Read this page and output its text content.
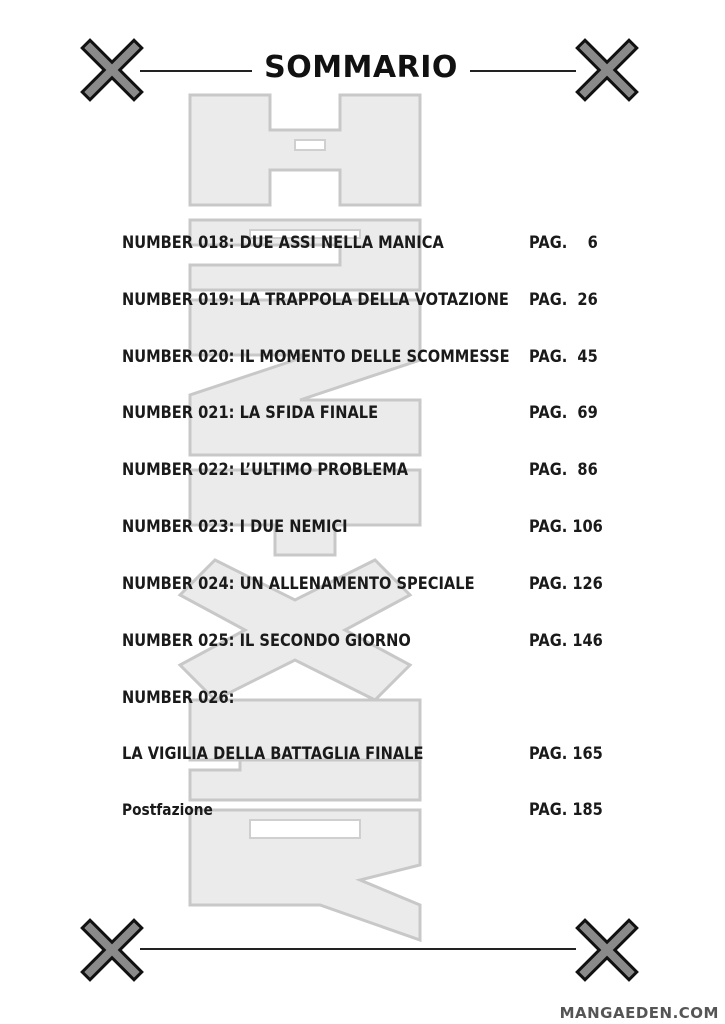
SOMMARIO
NUMBER 018: DUE ASSI NELLA MANICA	PAG.    6
NUMBER 019: LA TRAPPOLA DELLA VOTAZIONE PAG.  26
NUMBER 020: IL MOMENTO DELLE SCOMMESSE PAG.  45
NUMBER 021: LA SFIDA FINALE	PAG.  69
NUMBER 022: L’ULTIMO PROBLEMA	PAG.  86
NUMBER 023: I DUE NEMICI	PAG. 106
NUMBER 024: UN ALLENAMENTO SPECIALE	PAG. 126
NUMBER 025: IL SECONDO GIORNO	PAG. 146
NUMBER 026:
LA VIGILIA DELLA BATTAGLIA FINALE	PAG. 165
Postfazione	PAG. 185
MANGAEDEN.COM
